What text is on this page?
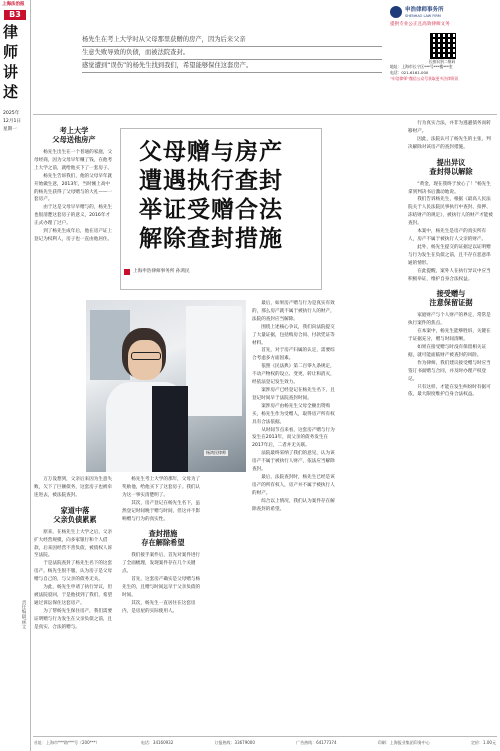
上海法治报
B3
律
师
讲
述
2025年
12月1日
星期一
责任编辑/林文
杨先生在考上大学时从父母那里获赠的房产，因为后来父亲
生意失败导致的负债，而被法院查封。
感觉遭到“误伤”的杨先生找到我们，希望能够保住这套房产。
申浩律师事务所
SHENHAO LAW FIRM
提供专业公正且高效律师文务
长按识别二维码
地址：上海市长宁区***号***楼***室
电话：021-6161-000
“申浩律师”微信公众号获取更多法律资讯
父母赠与房产
遭遇执行查封
举证受赠合法
解除查封措施
上海申浩律师事务所 孙鸿民
杨鸿民律师
考上大学
父母送他房产

杨先生出生在一个普通的家庭，父母经商，因为父母早年赚了钱，在他考上大学之前，就给他买下了一套房子。

杨先生告诉我们，他的父母早年就开始做生意，2013年，当时刚上高中的杨先生获得了父母赠与的大礼——一套房产。

由于这是父母早早赠与的，杨先生也很清楚这套房子的意义，2016年才正式办理了过户。

到了杨先生成年后，他在房产证上登记为权利人，房子也一直由他居住。

万万没想到，父亲后来因为生意失败，欠下了巨额债务，这套房子也被牵连进去，被法院查封。

家道中落
父亲负债累累

原来，在杨先生上大学之后，父亲扩大经营规模，向多家银行和个人借款，后来因经营不善负债，被债权人诉至法院。

于是法院查封了杨先生名下的这套房产。杨先生很不服，认为房子是父母赠与自己的，与父亲的债务无关。

为此，杨先生申请了执行异议，但被法院驳回，于是他找到了我们，希望通过诉讼保住这套房产。

为了帮杨先生保住房产，我们需要证明赠与行为发生在父亲负债之前，且是真实、合法的赠与。

杨先生考上大学的那年，父母为了奖励他，给他买下了这套房子。我们认为这一事实清楚明了。

其次，房产登记在杨先生名下，虽然登记时间晚于赠与时间，但这并不影响赠与行为的真实性。

查封措施
存在解除希望

我们接手案件后，首先对案件进行了全面梳理，发现案件存在几个关键点。

首先，这套房产确实是父母赠与杨先生的，且赠与时间远早于父亲负债的时间。

其次，杨先生一直居住在这套房内，是房屋的实际使用人。

最后，如果房产赠与行为是真实有效的，那么房产就不属于被执行人的财产，法院的查封应当解除。

围绕上述核心争议，我们向法院提交了大量证据，包括购房合同、付款凭证等材料。

首先，对于房产归属的认定，需要综合考虑多方面因素。

依照《民法典》第二百零九条规定，不动产物权的设立、变更、转让和消灭，经依法登记发生效力。

案涉房产已经登记在杨先生名下，且登记时间早于法院查封时间。

案涉房产由杨先生父母全额出资购买，杨先生作为受赠人，取得房产所有权具有合法依据。

从时间节点来看，这套房产赠与行为发生在2013年，而父亲的债务发生在2017年后，二者并无关联。

法院最终采纳了我们的意见，认为该房产不属于被执行人财产，依法应当解除查封。

最后，法院查封时，杨先生已经是该房产的所有权人，房产并不属于被执行人的财产。

综合以上情况，我们认为案件存在解除查封的希望。

行为真实合法，并非为逃避债务而转移财产。

因此，法院认可了杨先生的主张，判决解除对该房产的查封措施。

提出异议
查封得以解除

“黄金，现在我终于放心了！”杨先生拿到判决书后激动地说。

我们告诉杨先生，根据《最高人民法院关于人民法院民事执行中查封、扣押、冻结财产的规定》，被执行人的财产才能被查封。

本案中，杨先生是房产的真实所有人，房产不属于被执行人父亲的财产。

此外，杨先生提交的证据足以证明赠与行为发生在负债之前，且不存在恶意串通的情形。

在此提醒，案外人在执行异议中应当积极举证，维护自身合法权益。

接受赠与
注意保留证据

家庭财产与个人财产的界定，常常是执行案件的焦点。

在本案中，杨先生能够胜诉，关键在于证据充分，赠与时间清晰。

如果在接受赠与时没有保留相关证据，就可能面临财产被查封的风险。

作为律师，我们建议接受赠与时应当签订书面赠与合同，并及时办理产权登记。

只有这样，才能在发生纠纷时有据可依，最大限度维护自身合法权益。

社址：上海市***路***号（200***）	电话：34160932	订报热线：33679000	广告热线：64177374	印刷：上海报业集团印务中心	定价：1.00元
